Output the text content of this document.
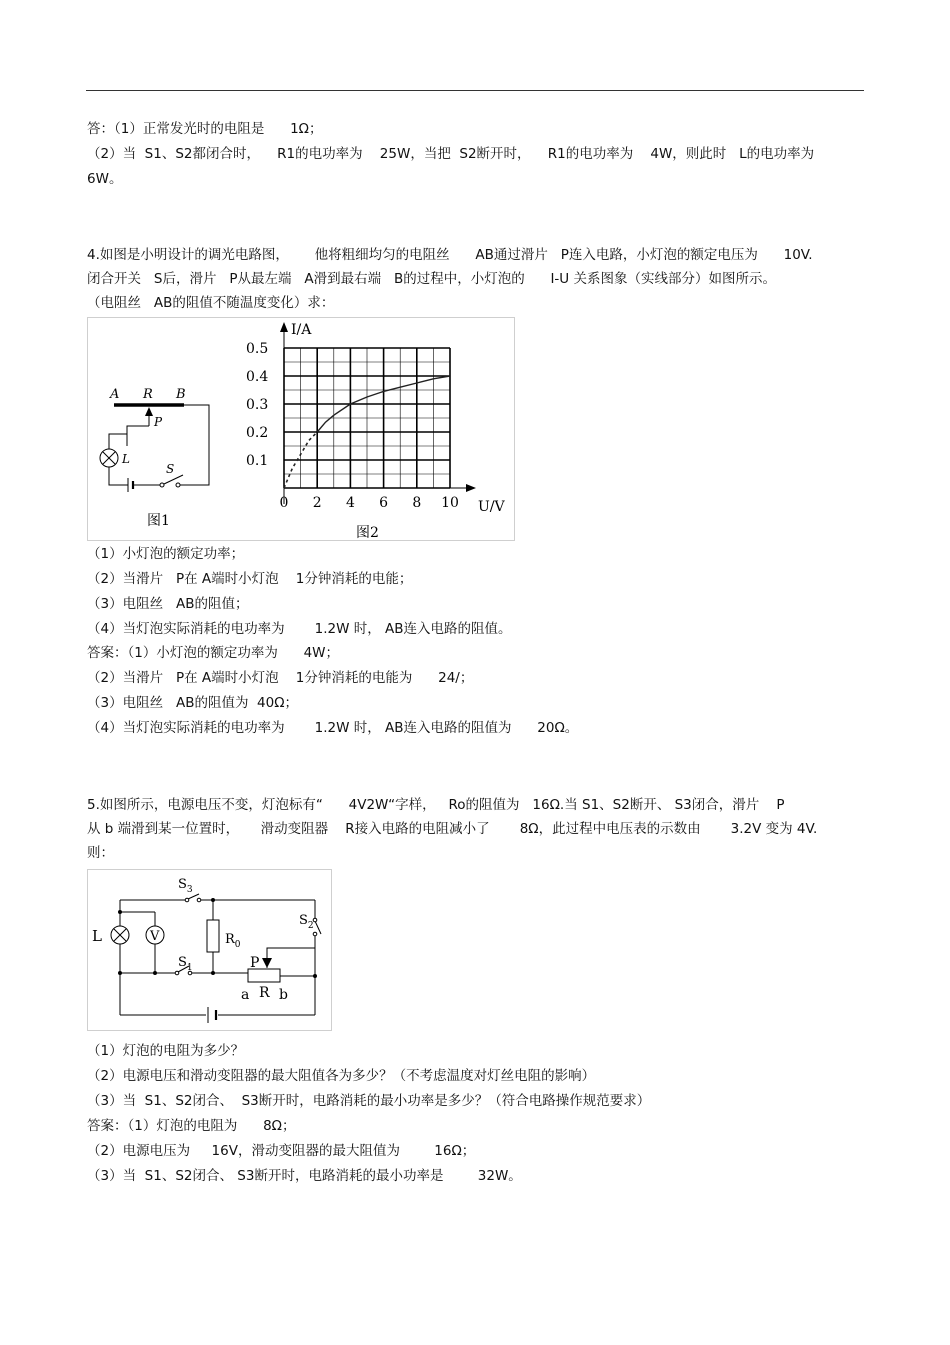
答：（1）正常发光时的电阻是      1Ω；
（2）当  S1、S2都闭合时，    R1的电功率为    25W，当把  S2断开时，    R1的电功率为    4W，则此时   L的电功率为
6W。
4.如图是小明设计的调光电路图，      他将粗细均匀的电阻丝      AB通过滑片   P连入电路，小灯泡的额定电压为      10V.
闭合开关   S后，滑片   P从最左端   A滑到最右端   B的过程中，小灯泡的      I-U 关系图象（实线部分）如图所示。
（电阻丝   AB的阻值不随温度变化）求：
A R B
P
L
S
图1
I/A
U/V
0 2 4 6 8 10
0.5
0.4
0.3
0.2
0.1
图2
（1）小灯泡的额定功率；
（2）当滑片   P在 A端时小灯泡    1分钟消耗的电能；
（3）电阻丝   AB的阻值；
（4）当灯泡实际消耗的电功率为       1.2W 时， AB连入电路的阻值。
答案：（1）小灯泡的额定功率为      4W；
（2）当滑片   P在 A端时小灯泡    1分钟消耗的电能为      24/；
（3）电阻丝   AB的阻值为  40Ω；
（4）当灯泡实际消耗的电功率为       1.2W 时， AB连入电路的阻值为      20Ω。
5.如图所示，电源电压不变，灯泡标有“      4V2W“字样，   Ro的阻值为   16Ω.当 S1、S2断开、 S3闭合，滑片    P
从 b 端滑到某一位置时，     滑动变阻器    R接入电路的电阻减小了       8Ω，此过程中电压表的示数由       3.2V 变为 4V.
则：
L	V
$S_3$
$S_1$
$S_2$
$R_0$
P
a R b
（1）灯泡的电阻为多少？
（2）电源电压和滑动变阻器的最大阻值各为多少？（不考虑温度对灯丝电阻的影响）
（3）当  S1、S2闭合、  S3断开时，电路消耗的最小功率是多少？（符合电路操作规范要求）
答案：（1）灯泡的电阻为      8Ω；
（2）电源电压为     16V，滑动变阻器的最大阻值为        16Ω；
（3）当  S1、S2闭合、 S3断开时，电路消耗的最小功率是        32W。
